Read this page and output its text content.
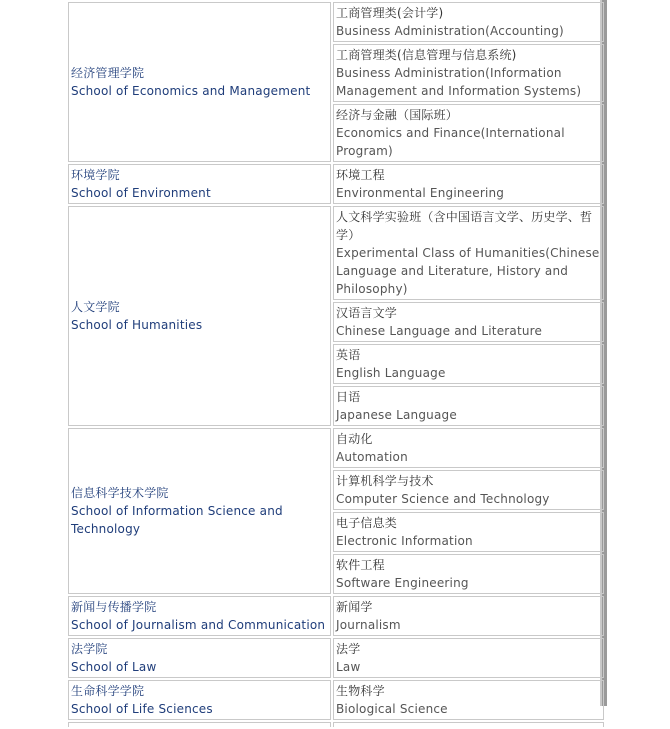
经济管理学院
School of Economics and Management	工商管理类(会计学)
Business Administration(Accounting)

	工商管理类(信息管理与信息系统)
Business Administration(Information Management and Information Systems)

	经济与金融（国际班）
Economics and Finance(International Program)

环境学院
School of Environment	环境工程
Environmental Engineering

人文学院
School of Humanities	人文科学实验班（含中国语言文学、历史学、哲学）
Experimental Class of Humanities(Chinese Language and Literature, History and Philosophy)

	汉语言文学
Chinese Language and Literature

	英语
English Language

	日语
Japanese Language

信息科学技术学院
School of Information Science and Technology	自动化
Automation

	计算机科学与技术
Computer Science and Technology

	电子信息类
Electronic Information

	软件工程
Software Engineering

新闻与传播学院
School of Journalism and Communication	新闻学
Journalism

法学院
School of Law	法学
Law

生命科学学院
School of Life Sciences	生物科学
Biological Science
